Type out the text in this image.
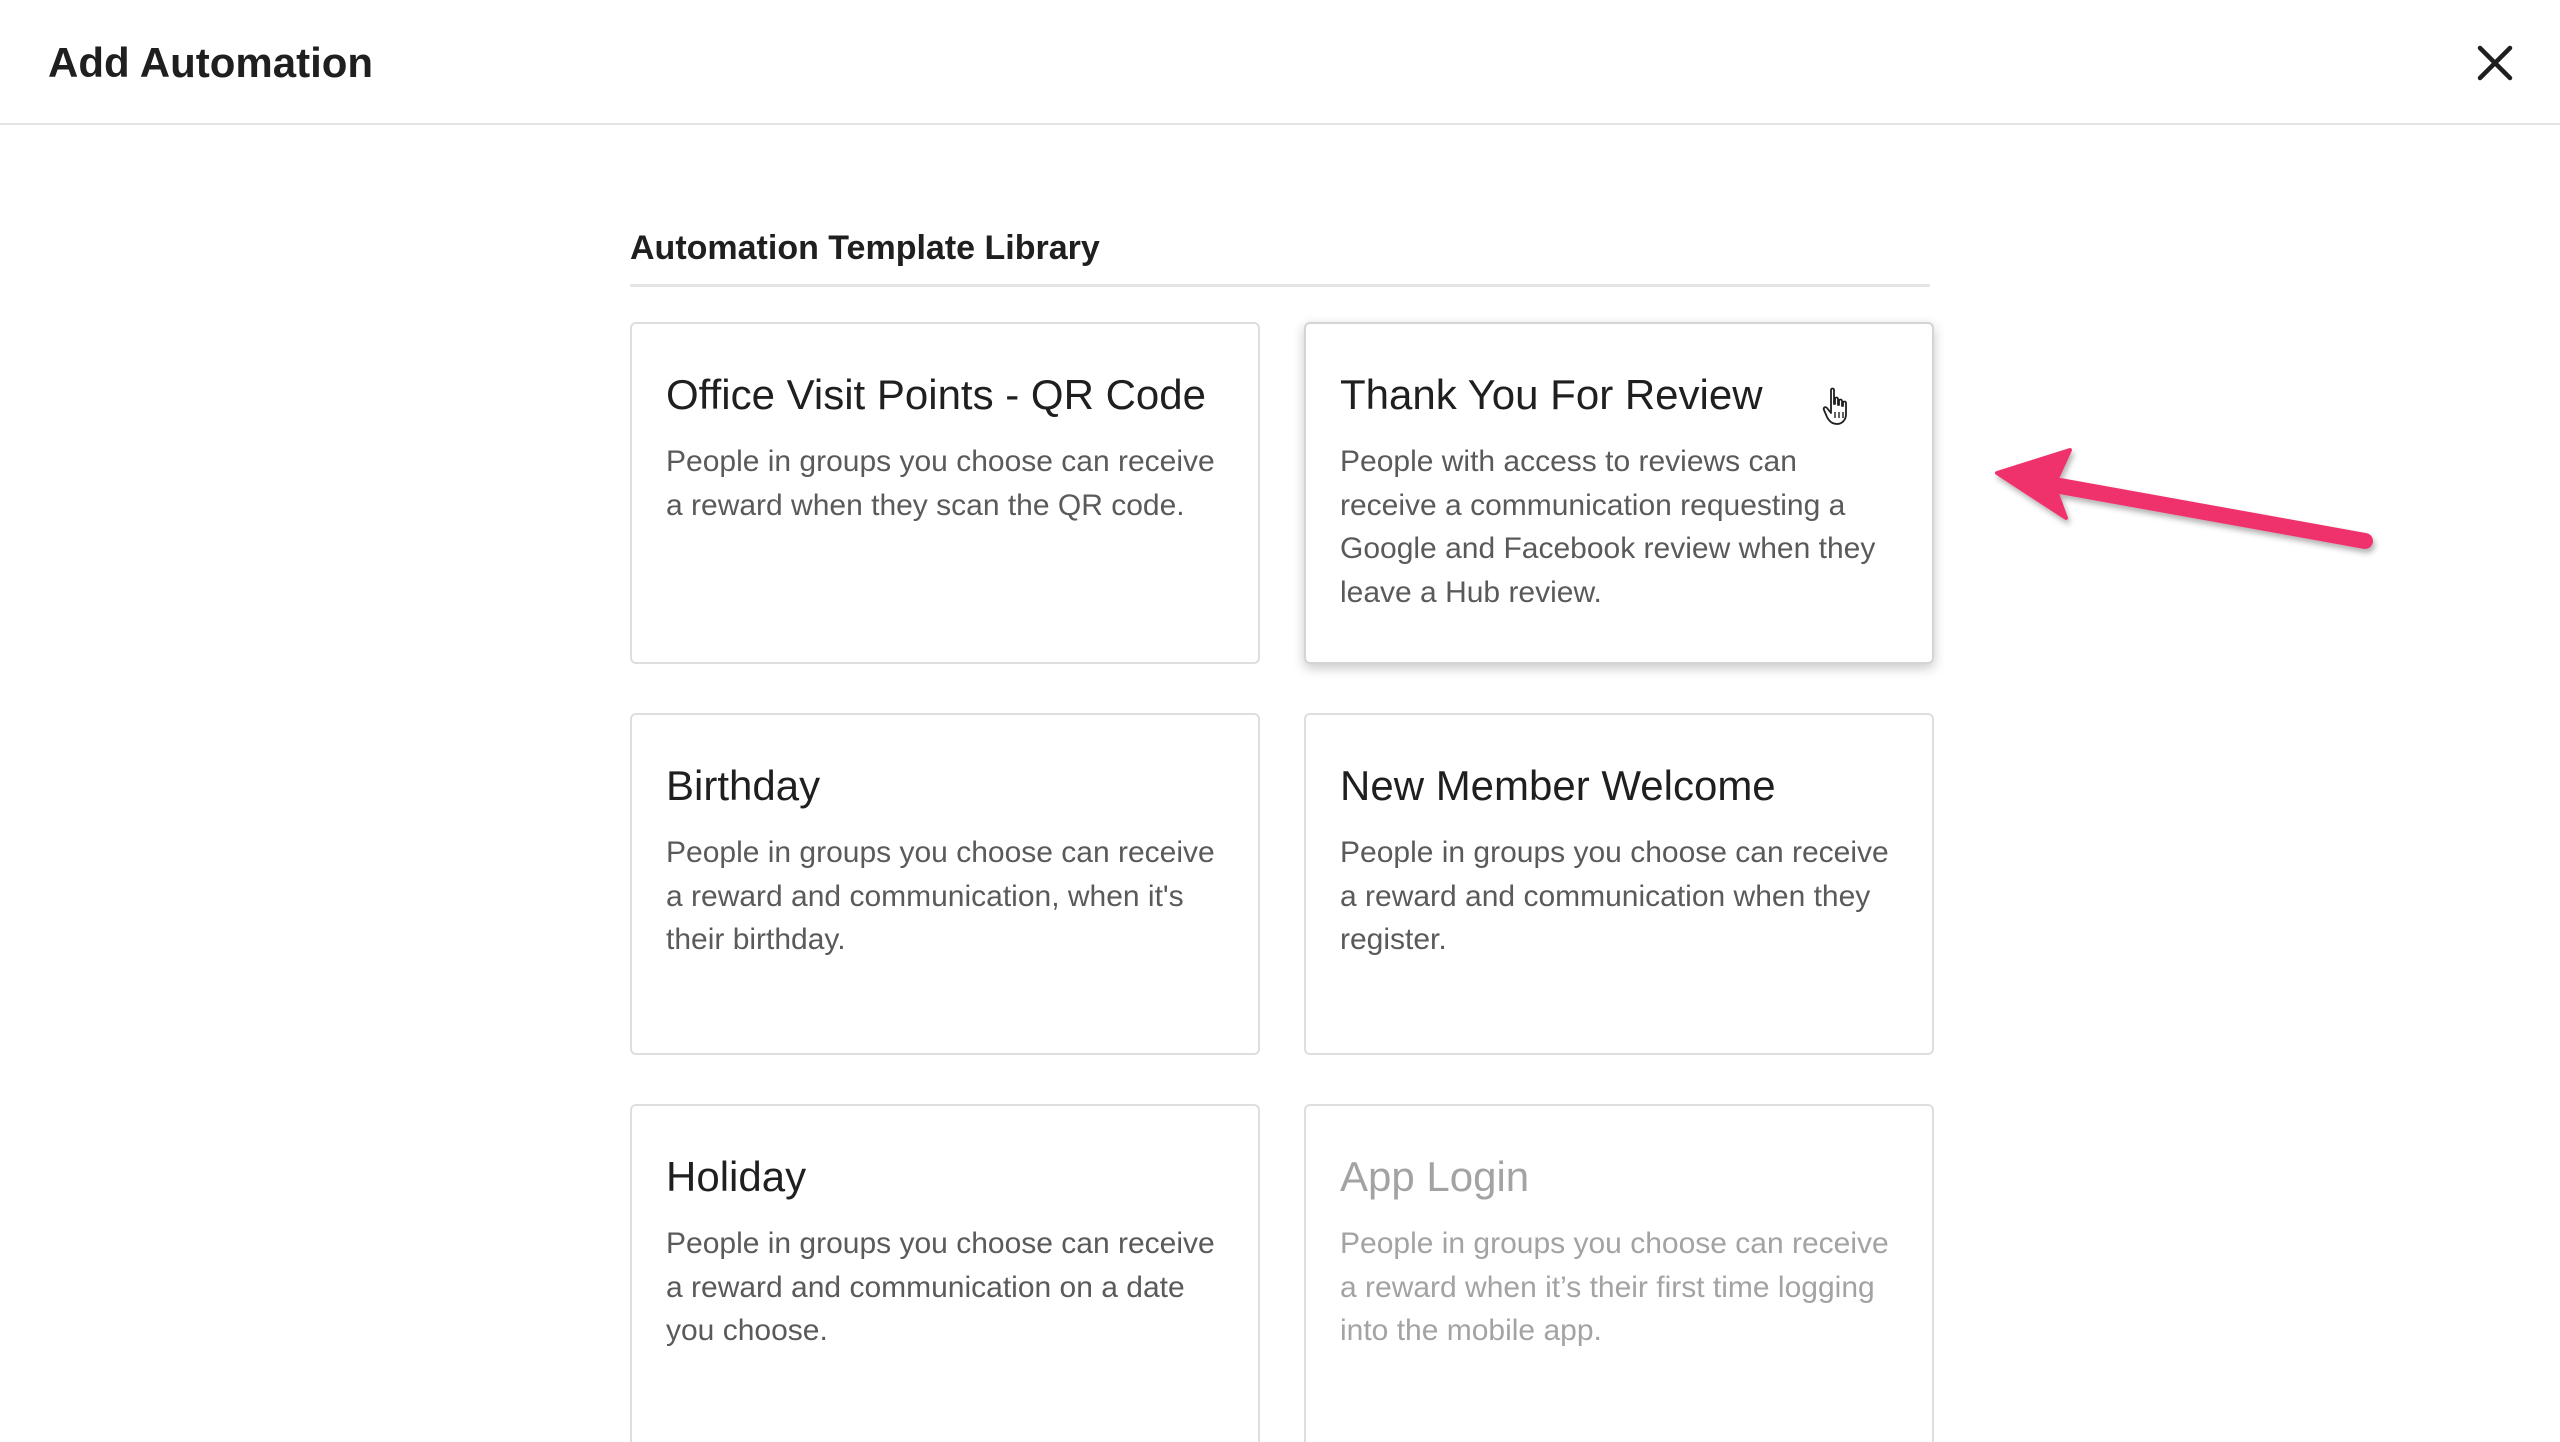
Add Automation
Automation Template Library
Office Visit Points - QR Code

People in groups you choose can receive a reward when they scan the QR code.

Thank You For Review

People with access to reviews can receive a communication requesting a Google and Facebook review when they leave a Hub review.

Birthday

People in groups you choose can receive a reward and communication, when it's their birthday.

New Member Welcome

People in groups you choose can receive a reward and communication when they register.

Holiday

People in groups you choose can receive a reward and communication on a date you choose.

App Login

People in groups you choose can receive a reward when it’s their first time logging into the mobile app.
